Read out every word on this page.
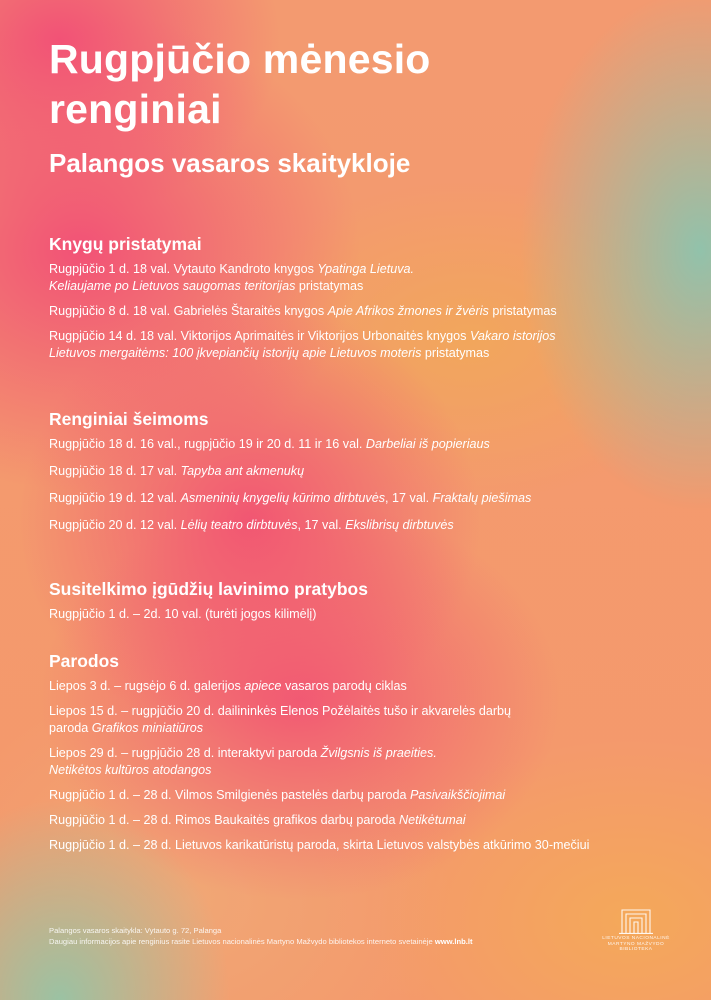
Rugpjūčio mėnesio renginiai
Palangos vasaros skaitykloje
Knygų pristatymai
Rugpjūčio 1 d. 18 val. Vytauto Kandroto knygos Ypatinga Lietuva.
Keliaujame po Lietuvos saugomas teritorijas pristatymas
Rugpjūčio 8 d. 18 val. Gabrielės Štaraitės knygos Apie Afrikos žmones ir žvėris pristatymas
Rugpjūčio 14 d. 18 val. Viktorijos Aprimaitės ir Viktorijos Urbonaitės knygos Vakaro istorijos
Lietuvos mergaitėms: 100 įkvepiančių istorijų apie Lietuvos moteris pristatymas
Renginiai šeimoms
Rugpjūčio 18 d. 16 val., rugpjūčio 19 ir 20 d. 11 ir 16 val. Darbeliai iš popieriaus
Rugpjūčio 18 d. 17 val. Tapyba ant akmenukų
Rugpjūčio 19 d. 12 val. Asmeninių knygelių kūrimo dirbtuvės, 17 val. Fraktalų piešimas
Rugpjūčio 20 d. 12 val. Lėlių teatro dirbtuvės, 17 val. Ekslibrisų dirbtuvės
Susitelkimo įgūdžių lavinimo pratybos
Rugpjūčio 1 d. – 2d. 10 val. (turėti jogos kilimėlį)
Parodos
Liepos 3 d. – rugsėjo 6 d. galerijos apiece vasaros parodų ciklas
Liepos 15 d. – rugpjūčio 20 d. dailininkės Elenos Požėlaitės tušo ir akvarelės darbų
paroda Grafikos miniatiūros
Liepos 29 d. – rugpjūčio 28 d. interaktyvi paroda Žvilgsnis iš praeities.
Netikėtos kultūros atodangos
Rugpjūčio 1 d. – 28 d. Vilmos Smilgienės pastelės darbų paroda Pasivaikščiojimai
Rugpjūčio 1 d. – 28 d. Rimos Baukaitės grafikos darbų paroda Netikėtumai
Rugpjūčio 1 d. – 28 d. Lietuvos karikatūristų paroda, skirta Lietuvos valstybės atkūrimo 30-mečiui
Palangos vasaros skaitykla: Vytauto g. 72, Palanga
Daugiau informacijos apie renginius rasite Lietuvos nacionalinės Martyno Mažvydo bibliotekos interneto svetainėje www.lnb.lt	LIETUVOS NACIONALINĖ
MARTYNO MAŽVYDO
BIBLIOTEKA
